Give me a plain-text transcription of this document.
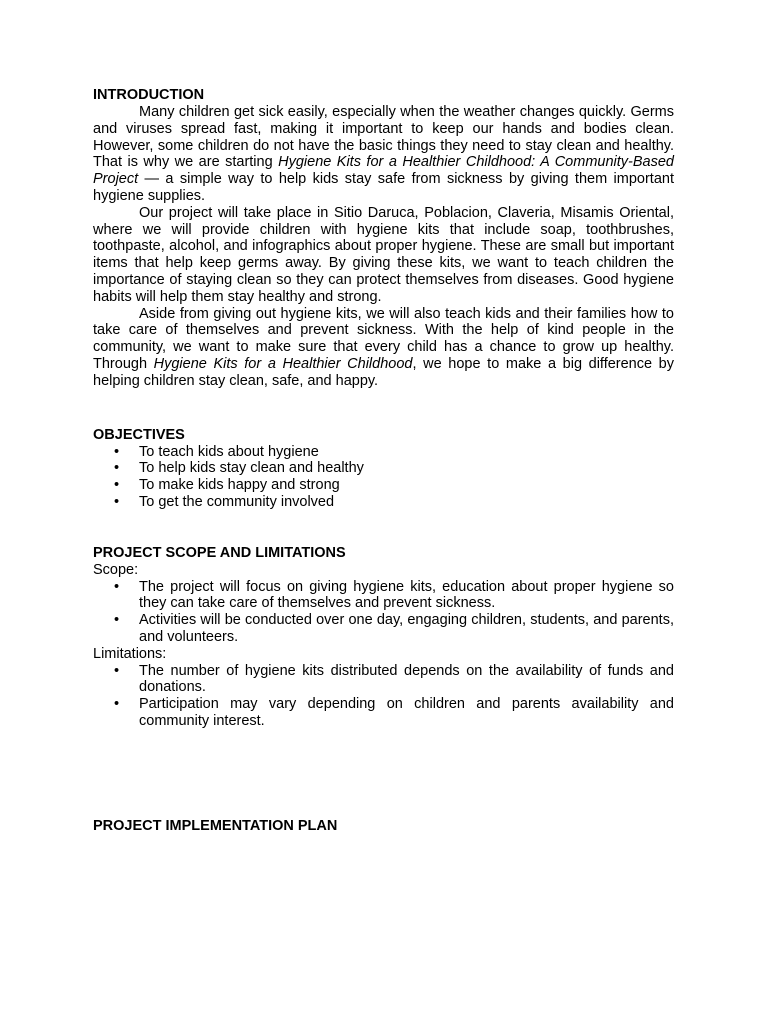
INTRODUCTION

Many children get sick easily, especially when the weather changes quickly. Germs and viruses spread fast, making it important to keep our hands and bodies clean. However, some children do not have the basic things they need to stay clean and healthy. That is why we are starting Hygiene Kits for a Healthier Childhood: A Community-Based Project — a simple way to help kids stay safe from sickness by giving them important hygiene supplies.

Our project will take place in Sitio Daruca, Poblacion, Claveria, Misamis Oriental, where we will provide children with hygiene kits that include soap, toothbrushes, toothpaste, alcohol, and infographics about proper hygiene. These are small but important items that help keep germs away. By giving these kits, we want to teach children the importance of staying clean so they can protect themselves from diseases. Good hygiene habits will help them stay healthy and strong.

Aside from giving out hygiene kits, we will also teach kids and their families how to take care of themselves and prevent sickness. With the help of kind people in the community, we want to make sure that every child has a chance to grow up healthy. Through Hygiene Kits for a Healthier Childhood, we hope to make a big difference by helping children stay clean, safe, and happy.

OBJECTIVES
• To teach kids about hygiene
• To help kids stay clean and healthy
• To make kids happy and strong
• To get the community involved
PROJECT SCOPE AND LIMITATIONS

Scope:

• The project will focus on giving hygiene kits, education about proper hygiene so they can take care of themselves and prevent sickness.
• Activities will be conducted over one day, engaging children, students, and parents, and volunteers.

Limitations:

• The number of hygiene kits distributed depends on the availability of funds and donations.
• Participation may vary depending on children and parents availability and community interest.
PROJECT IMPLEMENTATION PLAN
